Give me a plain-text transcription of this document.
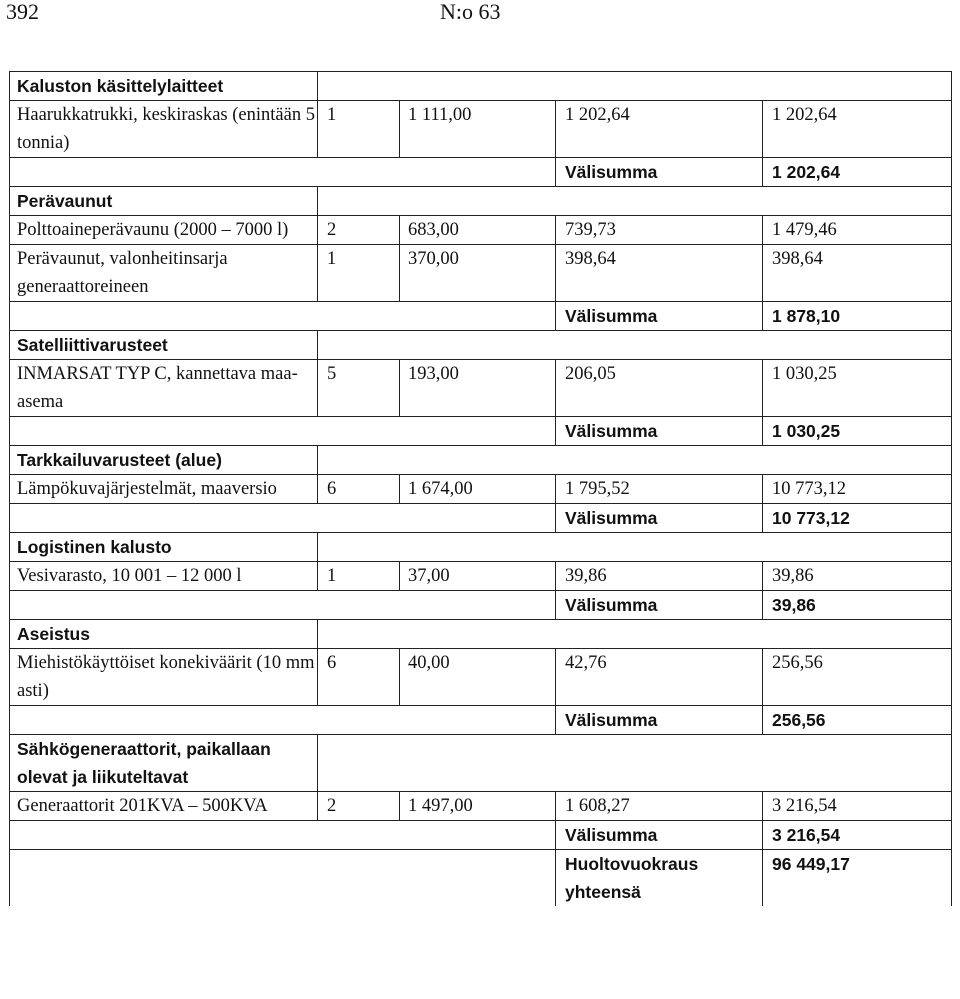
392	N:o 63
Kaluston käsittelylaitteet				
Haarukkatrukki, keskiraskas (enintään 5 tonnia)	1	1 111,00	1 202,64	1 202,64
			Välisumma	1 202,64
Perävaunut				
Polttoaineperävaunu (2000 – 7000 l)	2	683,00	739,73	1 479,46
Perävaunut, valonheitinsarja generaattoreineen	1	370,00	398,64	398,64
			Välisumma	1 878,10
Satelliittivarusteet				
INMARSAT TYP C, kannettava maa-asema	5	193,00	206,05	1 030,25
			Välisumma	1 030,25
Tarkkailuvarusteet (alue)				
Lämpökuvajärjestelmät, maaversio	6	1 674,00	1 795,52	10 773,12
			Välisumma	10 773,12
Logistinen kalusto				
Vesivarasto, 10 001 – 12 000 l	1	37,00	39,86	39,86
			Välisumma	39,86
Aseistus				
Miehistökäyttöiset konekiväärit (10 mm asti)	6	40,00	42,76	256,56
			Välisumma	256,56
Sähkögeneraattorit, paikallaan olevat ja liikuteltavat				
Generaattorit 201KVA – 500KVA	2	1 497,00	1 608,27	3 216,54
			Välisumma	3 216,54
			Huoltovuokraus yhteensä	96 449,17
